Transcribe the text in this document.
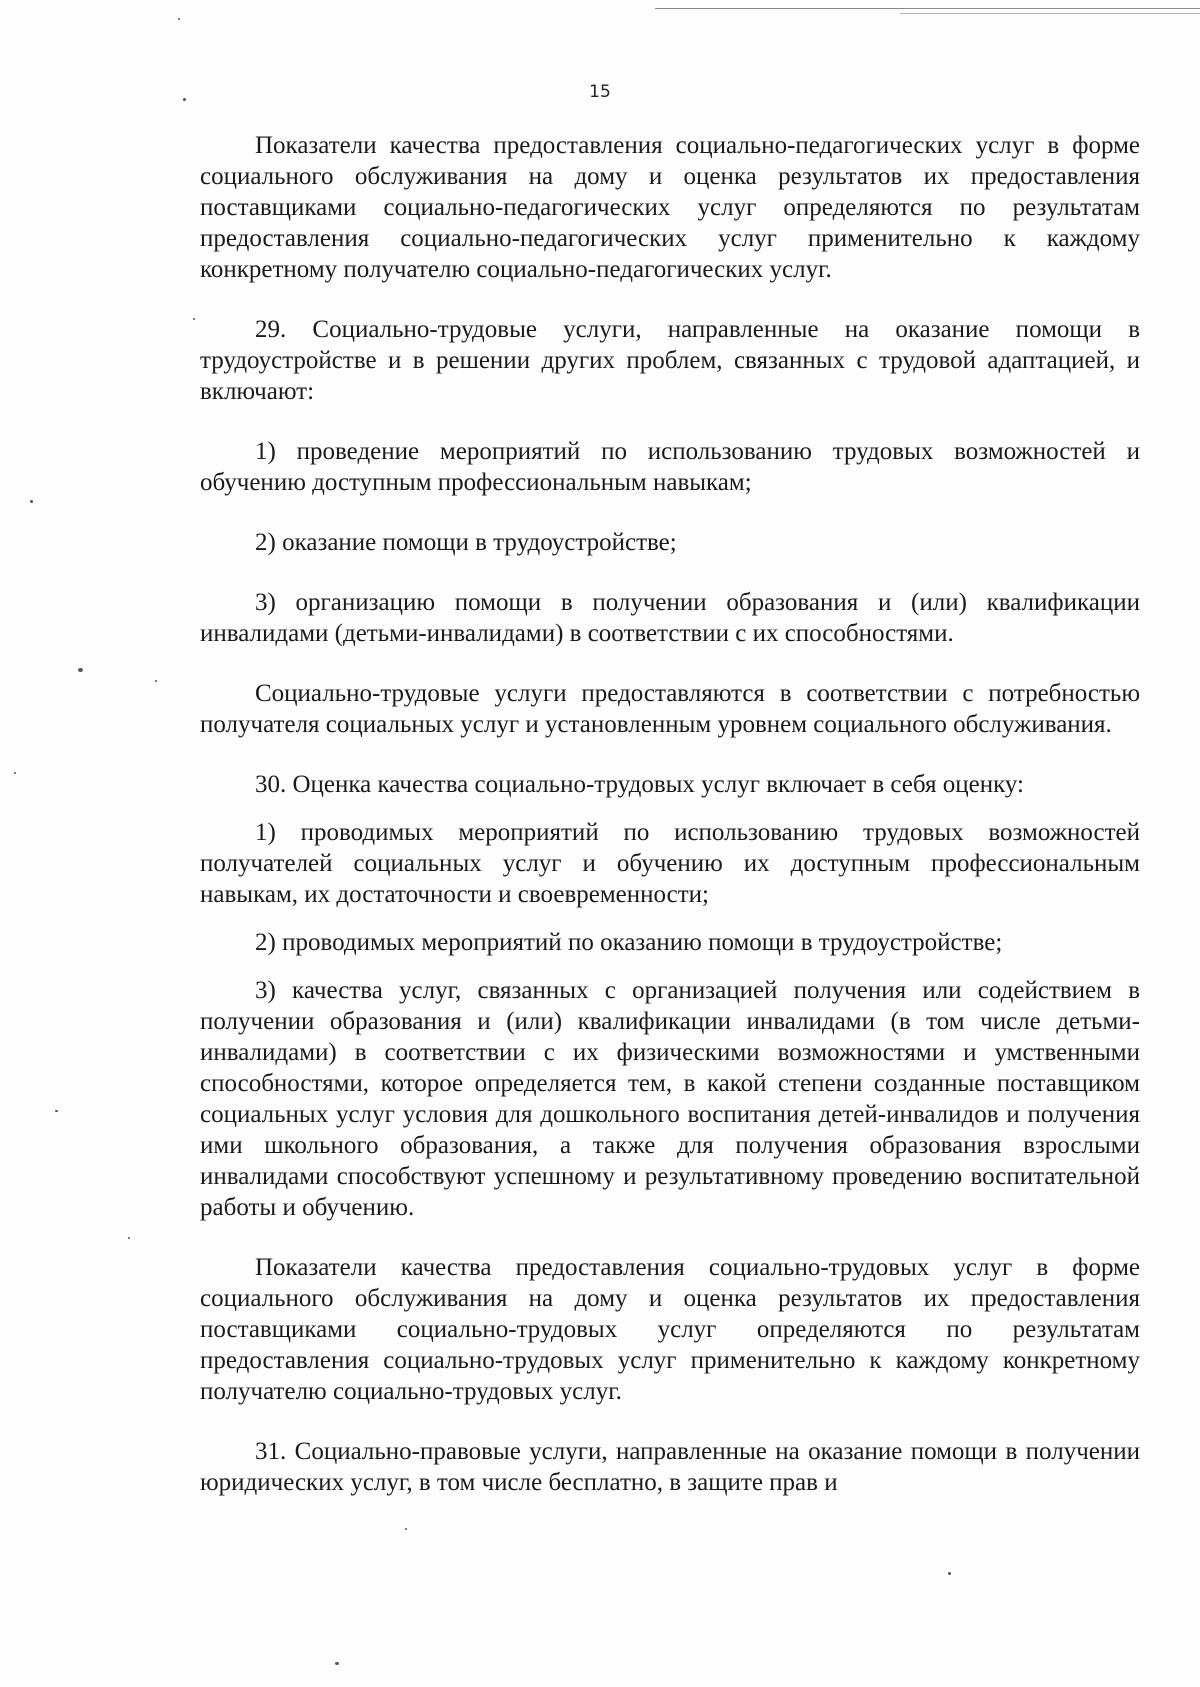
15

Показатели качества предоставления социально-педагогических услуг в форме социального обслуживания на дому и оценка результатов их предоставления поставщиками социально-педагогических услуг определяются по результатам предоставления социально-педагогических услуг применительно к каждому конкретному получателю социально-педагогических услуг.

29. Социально-трудовые услуги, направленные на оказание помощи в трудоустройстве и в решении других проблем, связанных с трудовой адаптацией, и включают:

1) проведение мероприятий по использованию трудовых возможностей и обучению доступным профессиональным навыкам;

2) оказание помощи в трудоустройстве;

3) организацию помощи в получении образования и (или) квалификации инвалидами (детьми-инвалидами) в соответствии с их способностями.

Социально-трудовые услуги предоставляются в соответствии с потребностью получателя социальных услуг и установленным уровнем социального обслуживания.

30. Оценка качества социально-трудовых услуг включает в себя оценку:

1) проводимых мероприятий по использованию трудовых возможностей получателей социальных услуг и обучению их доступным профессиональным навыкам, их достаточности и своевременности;

2) проводимых мероприятий по оказанию помощи в трудоустройстве;

3) качества услуг, связанных с организацией получения или содействием в получении образования и (или) квалификации инвалидами (в том числе детьми-инвалидами) в соответствии с их физическими возможностями и умственными способностями, которое определяется тем, в какой степени созданные поставщиком социальных услуг условия для дошкольного воспитания детей-инвалидов и получения ими школьного образования, а также для получения образования взрослыми инвалидами способствуют успешному и результативному проведению воспитательной работы и обучению.

Показатели качества предоставления социально-трудовых услуг в форме социального обслуживания на дому и оценка результатов их предоставления поставщиками социально-трудовых услуг определяются по результатам предоставления социально-трудовых услуг применительно к каждому конкретному получателю социально-трудовых услуг.

31. Социально-правовые услуги, направленные на оказание помощи в получении юридических услуг, в том числе бесплатно, в защите прав и
